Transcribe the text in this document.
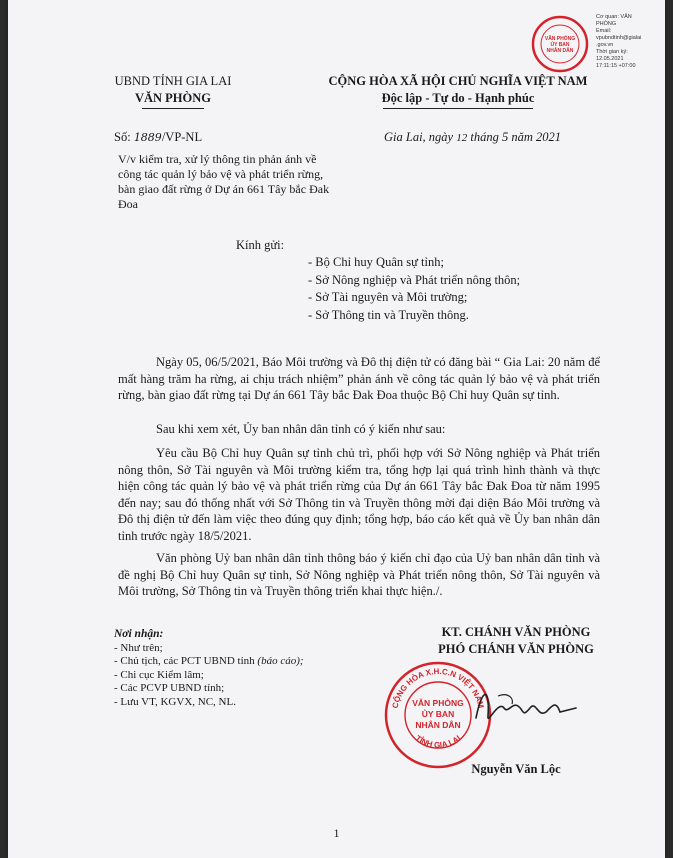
VĂN PHÒNG
ỦY BAN
NHÂN DÂN
Cơ quan: VĂN
PHÒNG
Email:
vpubndtinh@gialai
.gov.vn
Thời gian ký:
12.05.2021
17:11:15 +07:00
UBND TỈNH GIA LAI
VĂN PHÒNG
CỘNG HÒA XÃ HỘI CHỦ NGHĨA VIỆT NAM
Độc lập - Tự do - Hạnh phúc
Số: 1889/VP-NL	Gia Lai, ngày 12 tháng 5 năm 2021
V/v kiểm tra, xử lý thông tin phản ánh về công tác quản lý bảo vệ và phát triển rừng, bàn giao đất rừng ở Dự án 661 Tây bắc Đak Đoa
Kính gửi:
- Bộ Chỉ huy Quân sự tỉnh;
- Sở Nông nghiệp và Phát triển nông thôn;
- Sở Tài nguyên và Môi trường;
- Sở Thông tin và Truyền thông.

Ngày 05, 06/5/2021, Báo Môi trường và Đô thị điện tử có đăng bài “ Gia Lai: 20 năm để mất hàng trăm ha rừng, ai chịu trách nhiệm” phản ánh về công tác quản lý bảo vệ và phát triển rừng, bàn giao đất rừng tại Dự án 661 Tây bắc Đak Đoa thuộc Bộ Chỉ huy Quân sự tỉnh.

Sau khi xem xét, Ủy ban nhân dân tỉnh có ý kiến như sau:

Yêu cầu Bộ Chỉ huy Quân sự tỉnh chủ trì, phối hợp với Sở Nông nghiệp và Phát triển nông thôn, Sở Tài nguyên và Môi trường kiểm tra, tổng hợp lại quá trình hình thành và thực hiện công tác quản lý bảo vệ và phát triển rừng của Dự án 661 Tây bắc Đak Đoa từ năm 1995 đến nay; sau đó thống nhất với Sở Thông tin và Truyền thông mời đại diện Báo Môi trường và Đô thị điện tử đến làm việc theo đúng quy định; tổng hợp, báo cáo kết quả về Ủy ban nhân dân tỉnh trước ngày 18/5/2021.

Văn phòng Uỷ ban nhân dân tỉnh thông báo ý kiến chỉ đạo của Uỷ ban nhân dân tỉnh và đề nghị Bộ Chỉ huy Quân sự tỉnh, Sở Nông nghiệp và Phát triển nông thôn, Sở Tài nguyên và Môi trường, Sở Thông tin và Truyền thông triển khai thực hiện./.

Nơi nhận:
- Như trên;
- Chủ tịch, các PCT UBND tỉnh (báo cáo);
- Chi cục Kiểm lâm;
- Các PCVP UBND tỉnh;
- Lưu VT, KGVX, NC, NL.
KT. CHÁNH VĂN PHÒNG
PHÓ CHÁNH VĂN PHÒNG
CỘNG HÒA X.H.C.N VIỆT NAM
TỈNH GIA LAI
VĂN PHÒNG
ỦY BAN
NHÂN DÂN
Nguyễn Văn Lộc
1
